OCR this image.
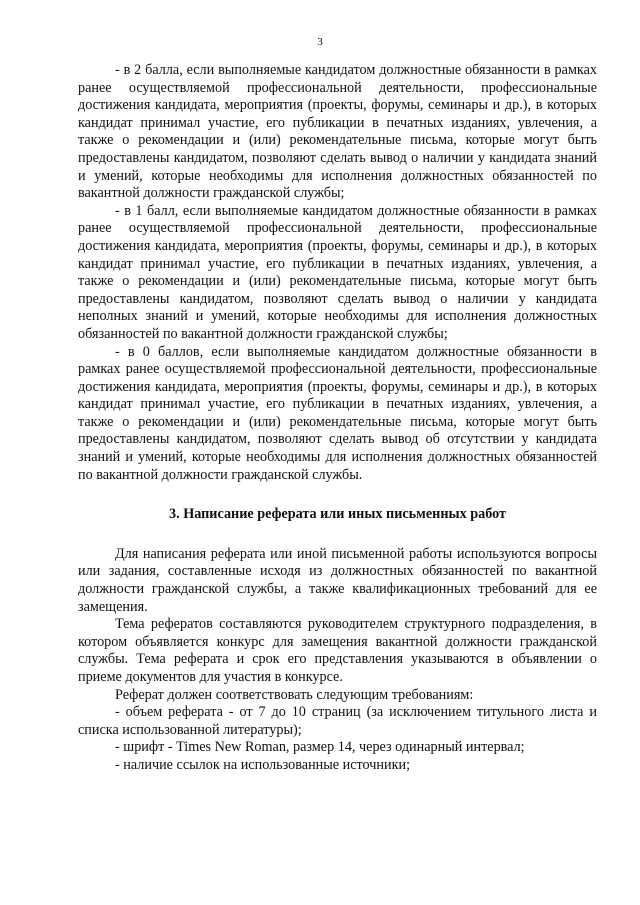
3

- в 2 балла, если выполняемые кандидатом должностные обязанности в рамках ранее осуществляемой профессиональной деятельности, профессиональные достижения кандидата, мероприятия (проекты, форумы, семинары и др.), в которых кандидат принимал участие, его публикации в печатных изданиях, увлечения, а также о рекомендации и (или) рекомендательные письма, которые могут быть предоставлены кандидатом, позволяют сделать вывод о наличии у кандидата знаний и умений, которые необходимы для исполнения должностных обязанностей по вакантной должности гражданской службы;

- в 1 балл, если выполняемые кандидатом должностные обязанности в рамках ранее осуществляемой профессиональной деятельности, профессиональные достижения кандидата, мероприятия (проекты, форумы, семинары и др.), в которых кандидат принимал участие, его публикации в печатных изданиях, увлечения, а также о рекомендации и (или) рекомендательные письма, которые могут быть предоставлены кандидатом, позволяют сделать вывод о наличии у кандидата неполных знаний и умений, которые необходимы для исполнения должностных обязанностей по вакантной должности гражданской службы;

- в 0 баллов, если выполняемые кандидатом должностные обязанности в рамках ранее осуществляемой профессиональной деятельности, профессиональные достижения кандидата, мероприятия (проекты, форумы, семинары и др.), в которых кандидат принимал участие, его публикации в печатных изданиях, увлечения, а также о рекомендации и (или) рекомендательные письма, которые могут быть предоставлены кандидатом, позволяют сделать вывод об отсутствии у кандидата знаний и умений, которые необходимы для исполнения должностных обязанностей по вакантной должности гражданской службы.

3. Написание реферата или иных письменных работ

Для написания реферата или иной письменной работы используются вопросы или задания, составленные исходя из должностных обязанностей по вакантной должности гражданской службы, а также квалификационных требований для ее замещения.

Тема рефератов составляются руководителем структурного подразделения, в котором объявляется конкурс для замещения вакантной должности гражданской службы. Тема реферата и срок его представления указываются в объявлении о приеме документов для участия в конкурсе.

Реферат должен соответствовать следующим требованиям:

- объем реферата - от 7 до 10 страниц (за исключением титульного листа и списка использованной литературы);

- шрифт - Times New Roman, размер 14, через одинарный интервал;

- наличие ссылок на использованные источники;
